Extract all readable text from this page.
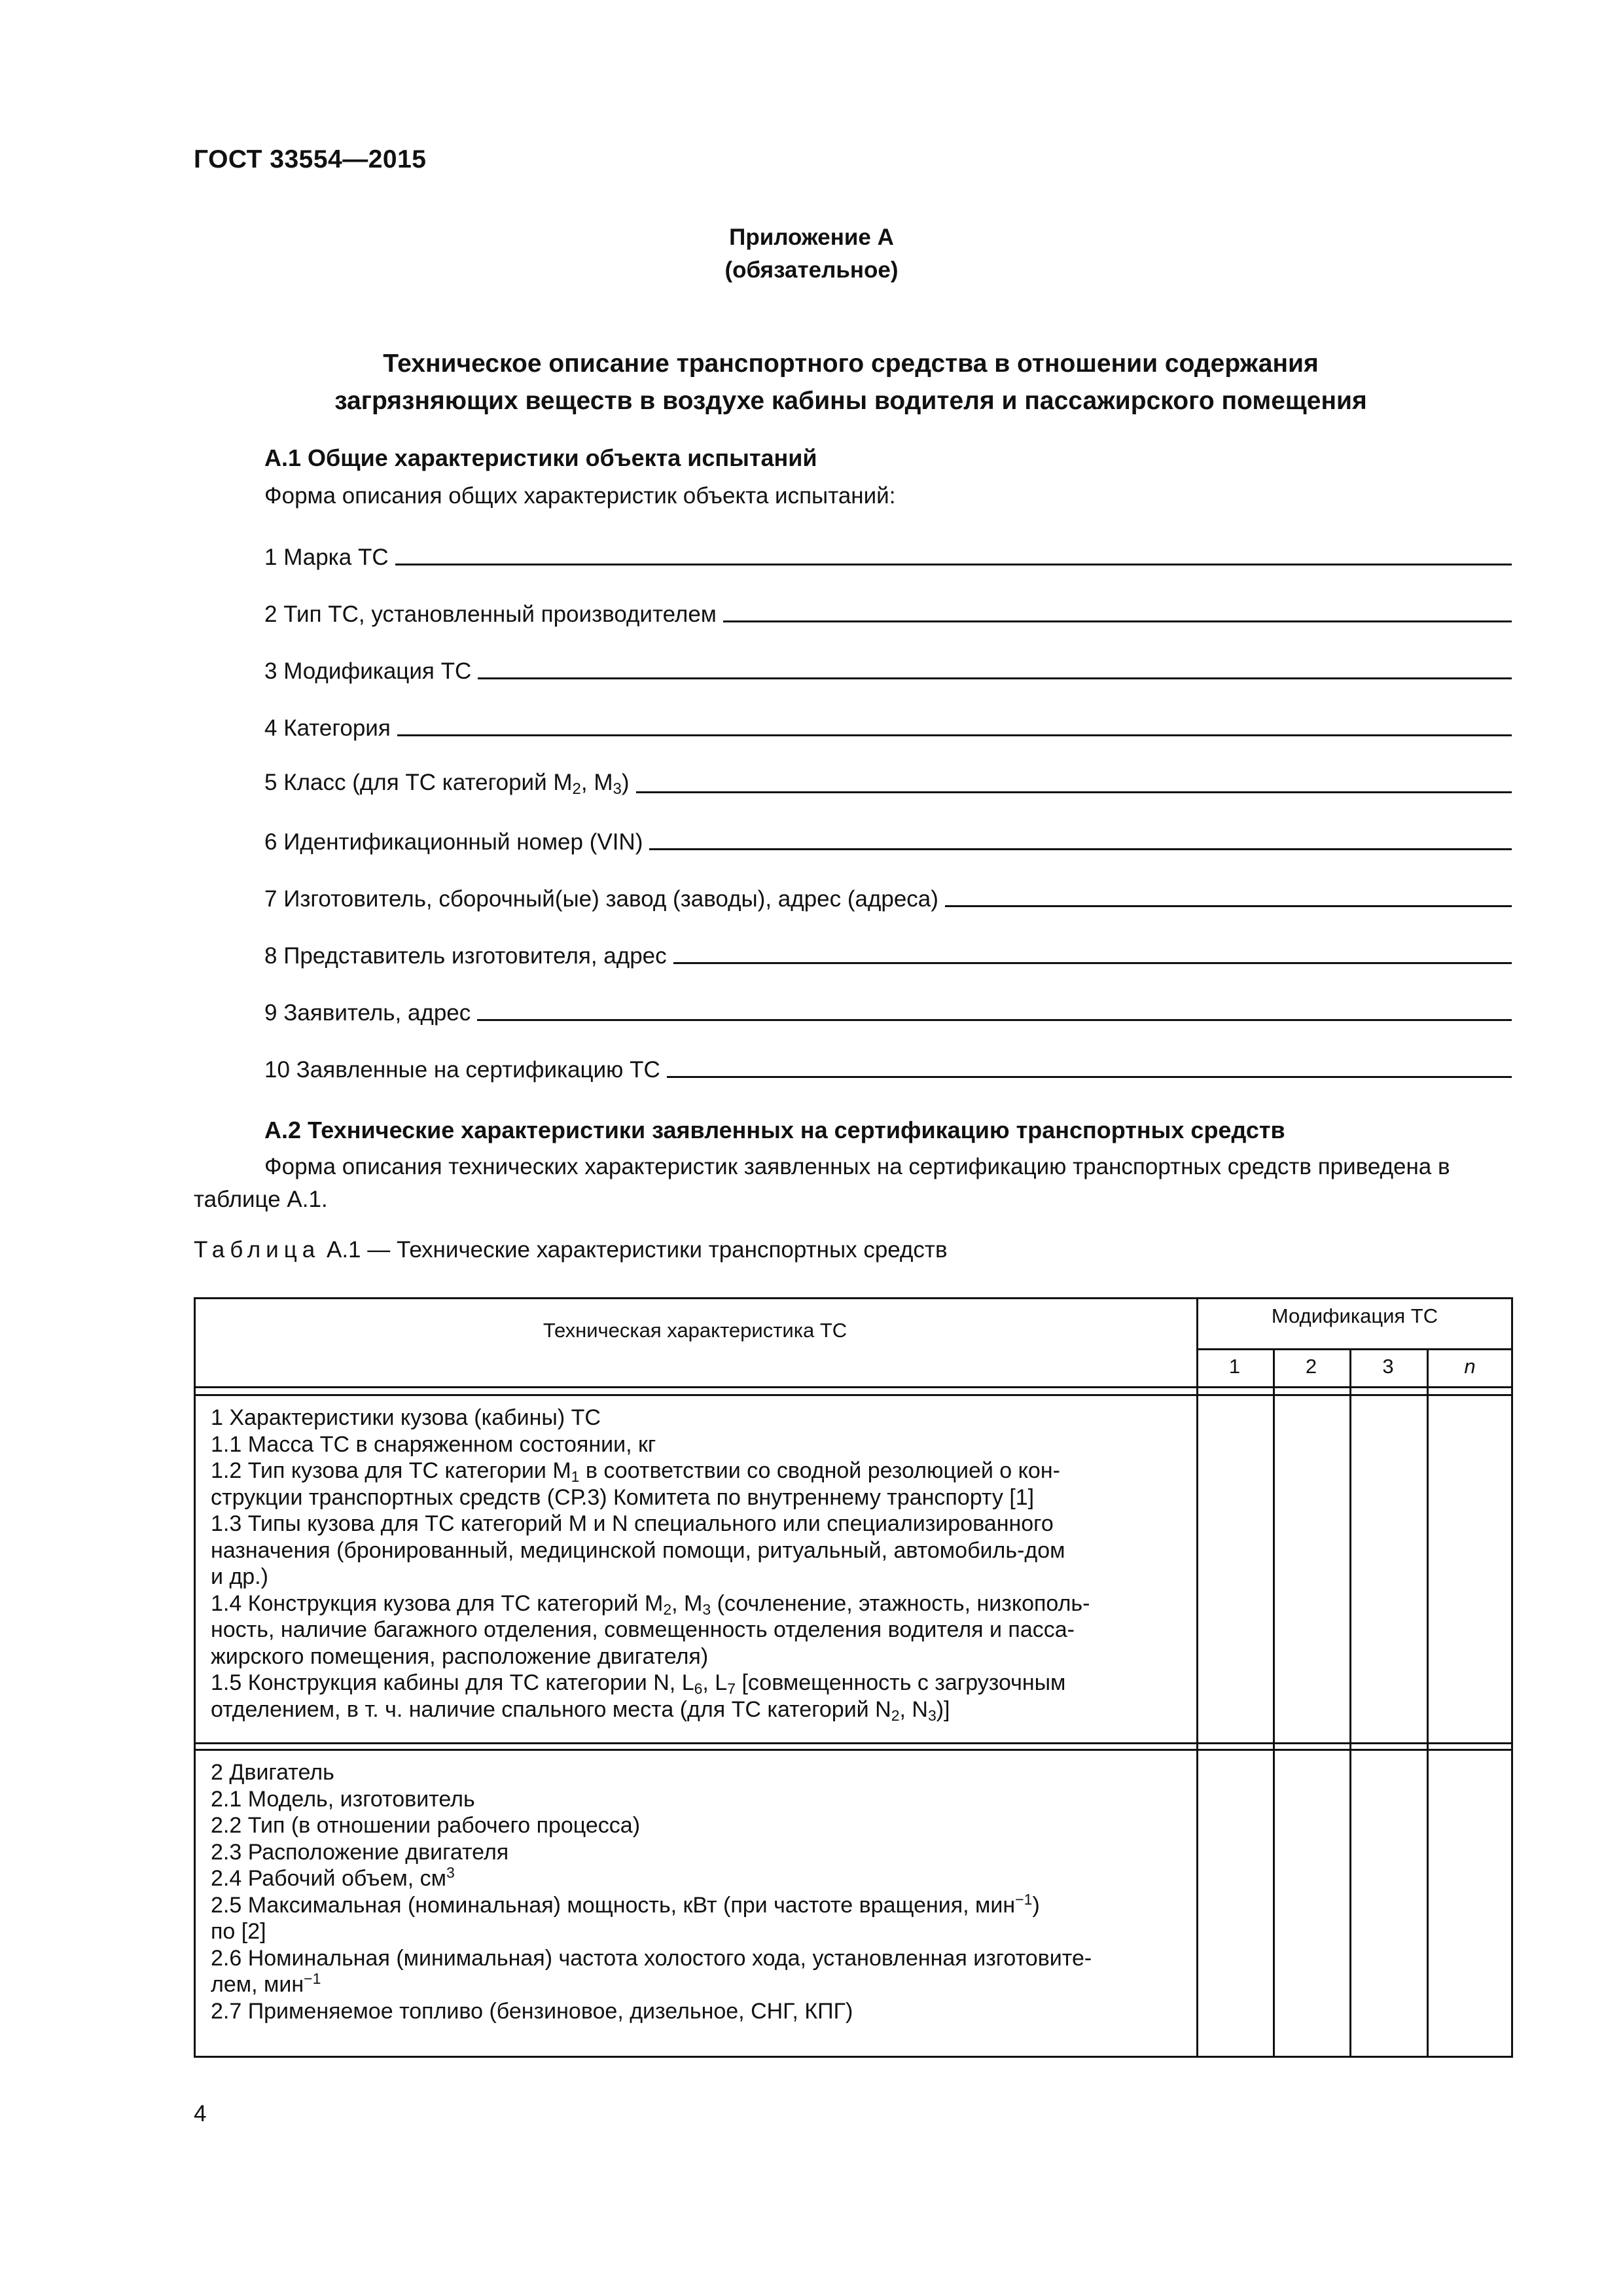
ГОСТ 33554—2015
Приложение А
(обязательное)
Техническое описание транспортного средства в отношении содержания
загрязняющих веществ в воздухе кабины водителя и пассажирского помещения
А.1 Общие характеристики объекта испытаний
Форма описания общих характеристик объекта испытаний:
1 Марка ТС
2 Тип ТС, установленный производителем
3 Модификация ТС
4 Категория
5 Класс (для ТС категорий $M_2$, $M_3$)
6 Идентификационный номер (VIN)
7 Изготовитель, сборочный(ые) завод (заводы), адрес (адреса)
8 Представитель изготовителя, адрес
9 Заявитель, адрес
10 Заявленные на сертификацию ТС
А.2 Технические характеристики заявленных на сертификацию транспортных средств
Форма описания технических характеристик заявленных на сертификацию транспортных средств приведена в таблице А.1.
Таблица А.1 — Технические характеристики транспортных средств
Техническая характеристика ТС
Модификация ТС
1	2	3	n
1 Характеристики кузова (кабины) ТС
1.1 Масса ТС в снаряженном состоянии, кг
1.2 Тип кузова для ТС категории $M_1$ в соответствии со сводной резолюцией о кон-
струкции транспортных средств (СР.3) Комитета по внутреннему транспорту [1]
1.3 Типы кузова для ТС категорий M и N специального или специализированного
назначения (бронированный, медицинской помощи, ритуальный, автомобиль-дом
и др.)
1.4 Конструкция кузова для ТС категорий $M_2$, $M_3$ (сочленение, этажность, низкополь-
ность, наличие багажного отделения, совмещенность отделения водителя и пасса-
жирского помещения, расположение двигателя)
1.5 Конструкция кабины для ТС категории N, $L_6$, $L_7$ [совмещенность с загрузочным
отделением, в т. ч. наличие спального места (для ТС категорий $N_2$, $N_3$)]
2 Двигатель
2.1 Модель, изготовитель
2.2 Тип (в отношении рабочего процесса)
2.3 Расположение двигателя
2.4 Рабочий объем, $см^3$
2.5 Максимальная (номинальная) мощность, кВт (при частоте вращения, мин$^{-1}$)
по [2]
2.6 Номинальная (минимальная) частота холостого хода, установленная изготовите-
лем, мин$^{-1}$
2.7 Применяемое топливо (бензиновое, дизельное, СНГ, КПГ)
4
